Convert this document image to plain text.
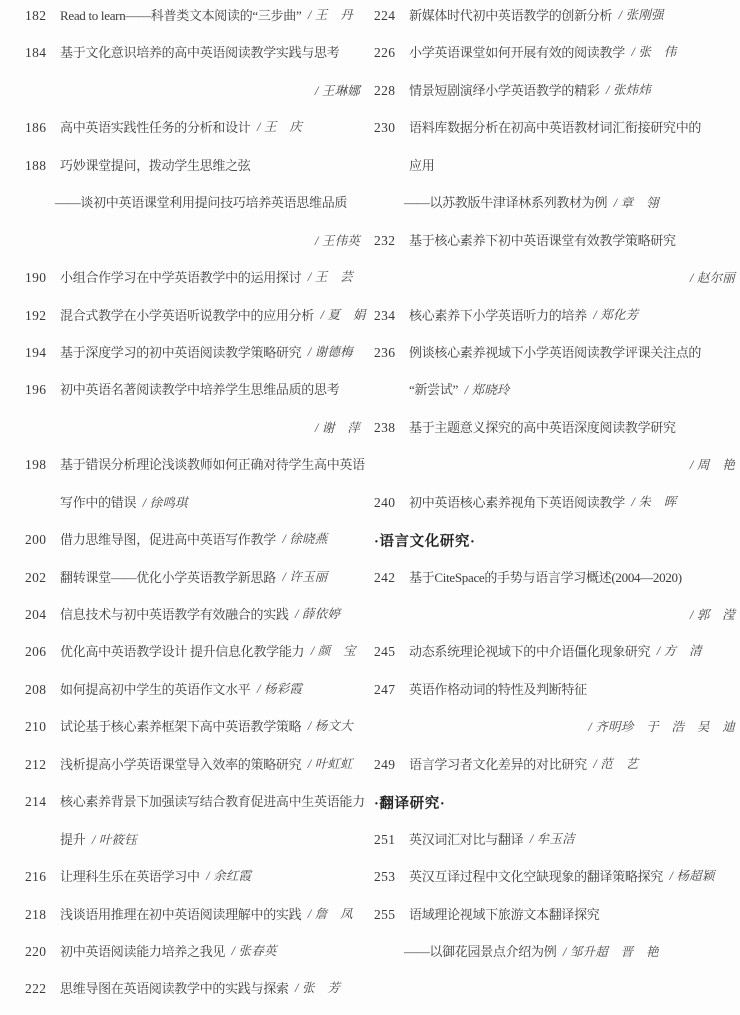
182	Read to learn——科普类文本阅读的“三步曲”  / 王　丹
184	基于文化意识培养的高中英语阅读教学实践与思考
/ 王琳娜
186	高中英语实践性任务的分析和设计  / 王　庆
188	巧妙课堂提问，拨动学生思维之弦
——谈初中英语课堂利用提问技巧培养英语思维品质
/ 王伟英
190	小组合作学习在中学英语教学中的运用探讨  / 王　芸
192	混合式教学在小学英语听说教学中的应用分析  / 夏　娟
194	基于深度学习的初中英语阅读教学策略研究  / 谢德梅
196	初中英语名著阅读教学中培养学生思维品质的思考
/ 谢　萍
198	基于错误分析理论浅谈教师如何正确对待学生高中英语
写作中的错误 / 徐鸣琪
200	借力思维导图，促进高中英语写作教学  / 徐晓燕
202	翻转课堂——优化小学英语教学新思路  / 许玉丽
204	信息技术与初中英语教学有效融合的实践  / 薛依婷
206	优化高中英语教学设计 提升信息化教学能力  / 颜　宝
208	如何提高初中学生的英语作文水平  / 杨彩霞
210	试论基于核心素养框架下高中英语教学策略  / 杨文大
212	浅析提高小学英语课堂导入效率的策略研究  / 叶虹虹
214	核心素养背景下加强读写结合教育促进高中生英语能力
提升 / 叶筱钰
216	让理科生乐在英语学习中  / 余红霞
218	浅谈语用推理在初中英语阅读理解中的实践  / 詹　凤
220	初中英语阅读能力培养之我见  / 张春英
222	思维导图在英语阅读教学中的实践与探索  / 张　芳
224	新媒体时代初中英语教学的创新分析  / 张刚强
226	小学英语课堂如何开展有效的阅读教学  / 张　伟
228	情景短剧演绎小学英语教学的精彩  / 张炜炜
230	语料库数据分析在初高中英语教材词汇衔接研究中的
应用
——以苏教版牛津译林系列教材为例 / 章　翎
232	基于核心素养下初中英语课堂有效教学策略研究
/ 赵尔丽
234	核心素养下小学英语听力的培养  / 郑化芳
236	例谈核心素养视域下小学英语阅读教学评课关注点的
“新尝试” / 郑晓玲
238	基于主题意义探究的高中英语深度阅读教学研究
/ 周　艳
240	初中英语核心素养视角下英语阅读教学  / 朱　晖
·语言文化研究·
242	基于CiteSpace的手势与语言学习概述(2004—2020)
/ 郭　滢
245	动态系统理论视域下的中介语僵化现象研究  / 方　清
247	英语作格动词的特性及判断特征
/ 齐明珍　于　浩　吴　迪
249	语言学习者文化差异的对比研究  / 范　艺
·翻译研究·
251	英汉词汇对比与翻译  / 牟玉洁
253	英汉互译过程中文化空缺现象的翻译策略探究  / 杨超颖
255	语域理论视域下旅游文本翻译探究
——以御花园景点介绍为例 / 邹升超　晋　艳
